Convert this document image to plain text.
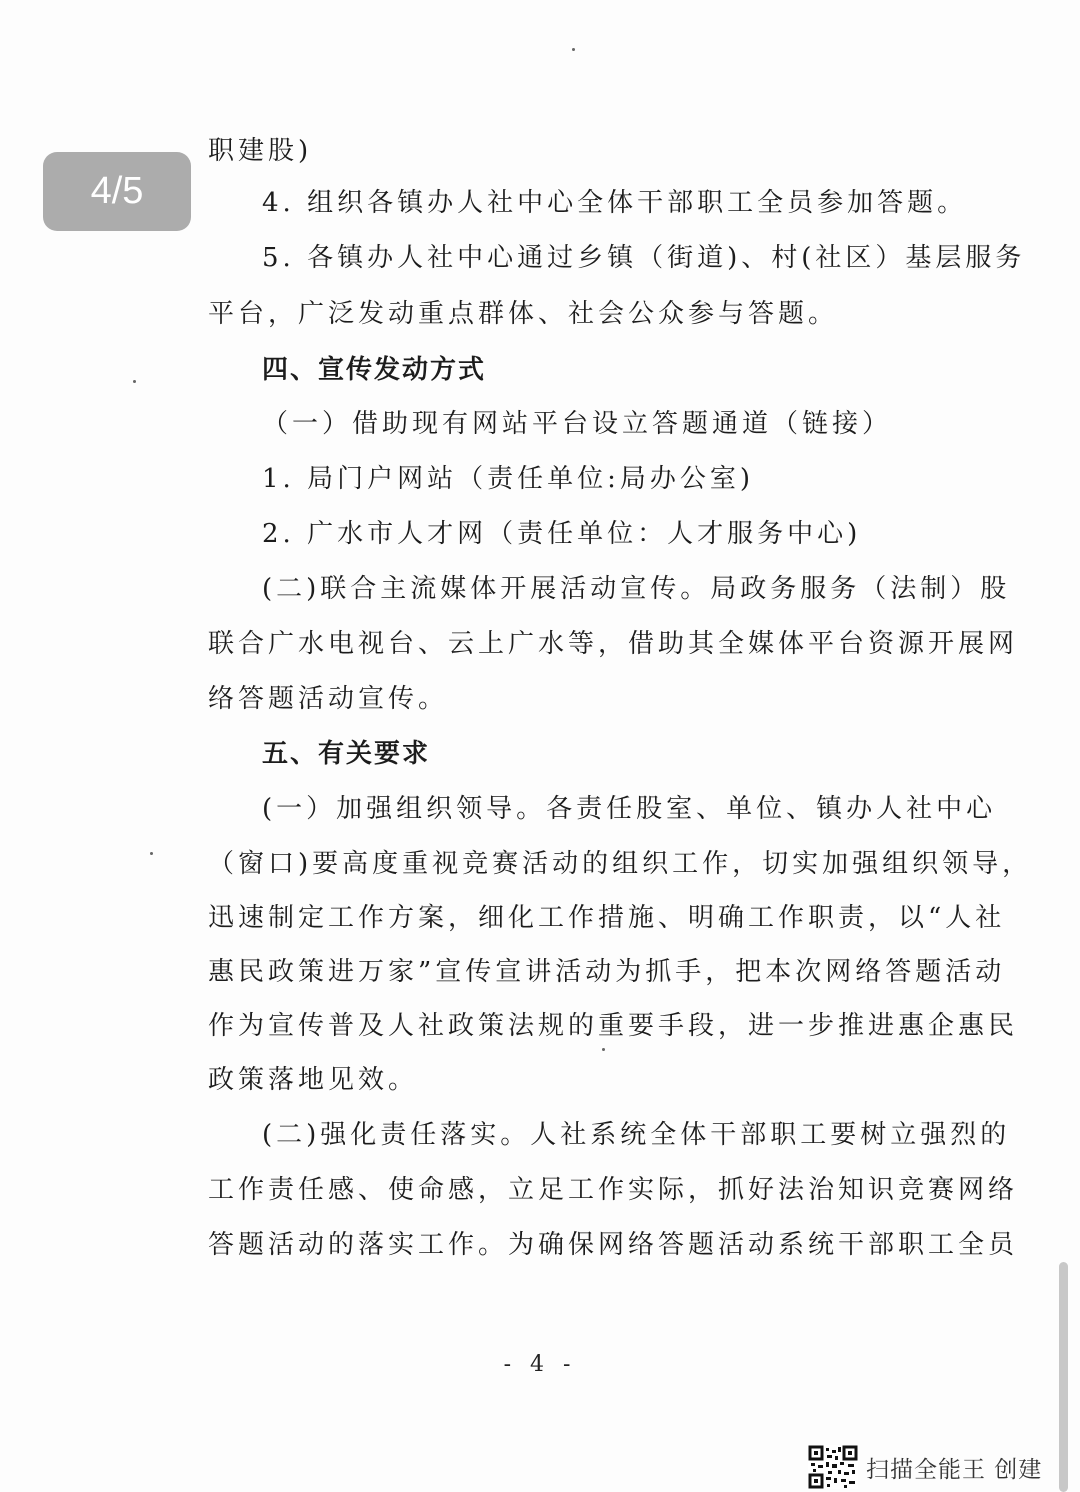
职建股)
4. 组织各镇办人社中心全体干部职工全员参加答题。
5. 各镇办人社中心通过乡镇（街道)、村(社区）基层服务
平台，广泛发动重点群体、社会公众参与答题。
四、宣传发动方式
（一）借助现有网站平台设立答题通道（链接）
1. 局门户网站（责任单位:局办公室)
2. 广水市人才网（责任单位：人才服务中心)
(二)联合主流媒体开展活动宣传。局政务服务（法制）股
联合广水电视台、云上广水等，借助其全媒体平台资源开展网
络答题活动宣传。
五、有关要求
(一）加强组织领导。各责任股室、单位、镇办人社中心
（窗口)要高度重视竞赛活动的组织工作，切实加强组织领导，
迅速制定工作方案，细化工作措施、明确工作职责，以“人社
惠民政策进万家”宣传宣讲活动为抓手，把本次网络答题活动
作为宣传普及人社政策法规的重要手段，进一步推进惠企惠民
政策落地见效。
(二)强化责任落实。人社系统全体干部职工要树立强烈的
工作责任感、使命感，立足工作实际，抓好法治知识竞赛网络
答题活动的落实工作。为确保网络答题活动系统干部职工全员
- 4 -
4/5
扫描全能王 创建
